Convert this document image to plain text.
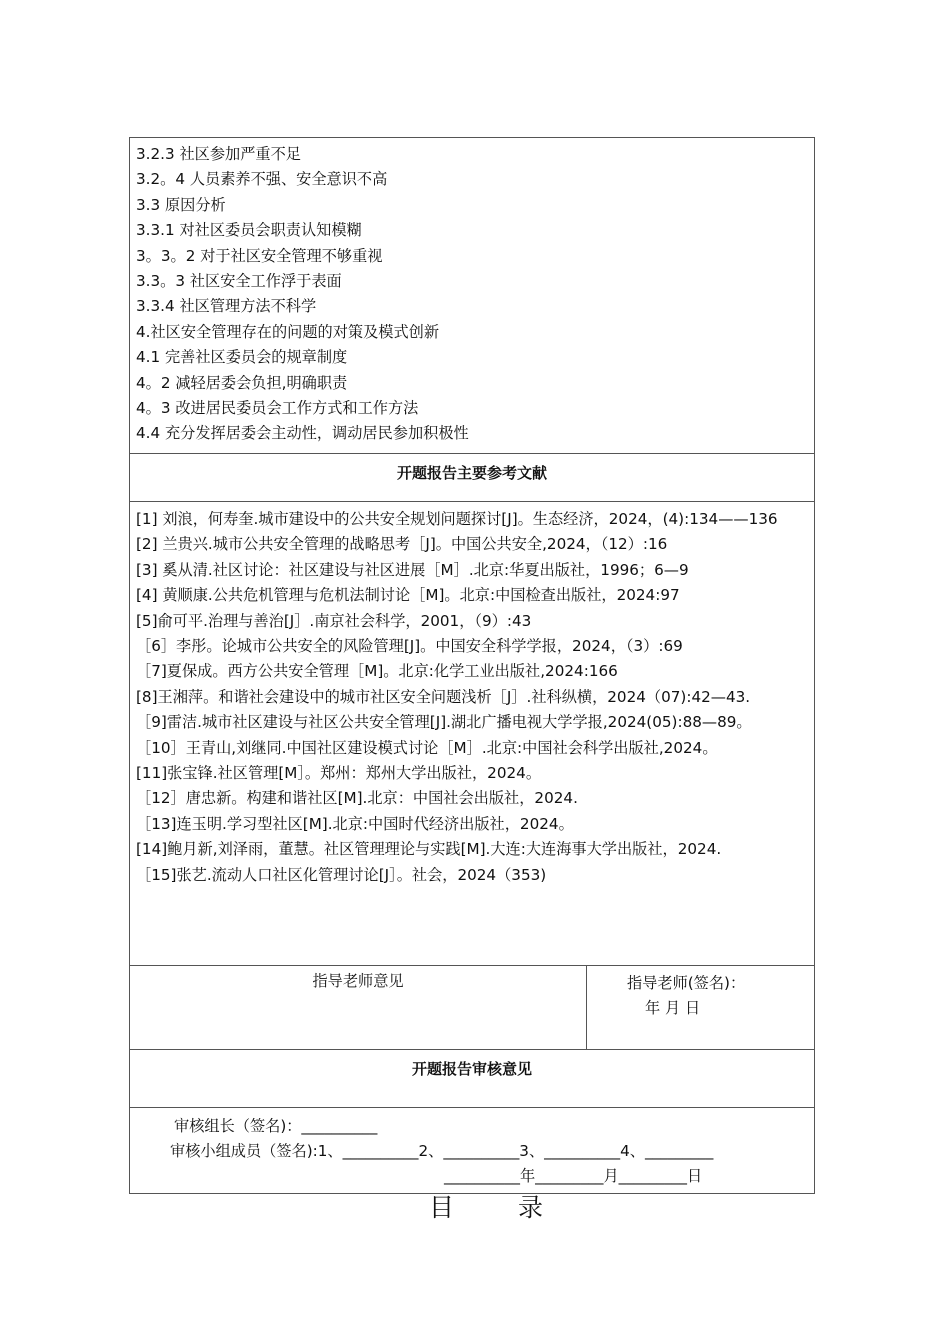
3.2.3 社区参加严重不足
3.2。4 人员素养不强、安全意识不高
3.3 原因分析
3.3.1 对社区委员会职责认知模糊
3。3。2 对于社区安全管理不够重视
3.3。3 社区安全工作浮于表面
3.3.4 社区管理方法不科学
4.社区安全管理存在的问题的对策及模式创新
4.1 完善社区委员会的规章制度
4。2 减轻居委会负担,明确职责
4。3 改进居民委员会工作方式和工作方法
4.4 充分发挥居委会主动性，调动居民参加积极性
开题报告主要参考文献
[1] 刘浪，何寿奎.城市建设中的公共安全规划问题探讨[J]。生态经济，2024，(4):134——136
[2] 兰贵兴.城市公共安全管理的战略思考［J]。中国公共安全,2024，（12）:16
[3] 奚从清.社区讨论：社区建设与社区进展［M］.北京:华夏出版社，1996；6—9
[4] 黄顺康.公共危机管理与危机法制讨论［M]。北京:中国检查出版社，2024:97
[5]俞可平.治理与善治[J］.南京社会科学，2001，（9）:43
［6］李彤。论城市公共安全的风险管理[J]。中国安全科学学报，2024，（3）:69
［7]夏保成。西方公共安全管理［M]。北京:化学工业出版社,2024:166
[8]王湘萍。和谐社会建设中的城市社区安全问题浅析［J］.社科纵横，2024（07):42—43.
［9]雷洁.城市社区建设与社区公共安全管理[J].湖北广播电视大学学报,2024(05):88—89。
［10］王青山,刘继同.中国社区建设模式讨论［M］.北京:中国社会科学出版社,2024。
[11]张宝锋.社区管理[M］。郑州：郑州大学出版社，2024。
［12］唐忠新。构建和谐社区[M].北京：中国社会出版社，2024.
［13]连玉明.学习型社区[M].北京:中国时代经济出版社，2024。
[14]鲍月新,刘泽雨，董慧。社区管理理论与实践[M].大连:大连海事大学出版社，2024.
［15]张艺.流动人口社区化管理讨论[J］。社会，2024（353)
指导老师意见	指导老师(签名)：
年 月 日
开题报告审核意见
审核组长（签名)：__________
审核小组成员（签名):1、__________2、__________3、__________4、_________
__________年_________月_________日
目 录
